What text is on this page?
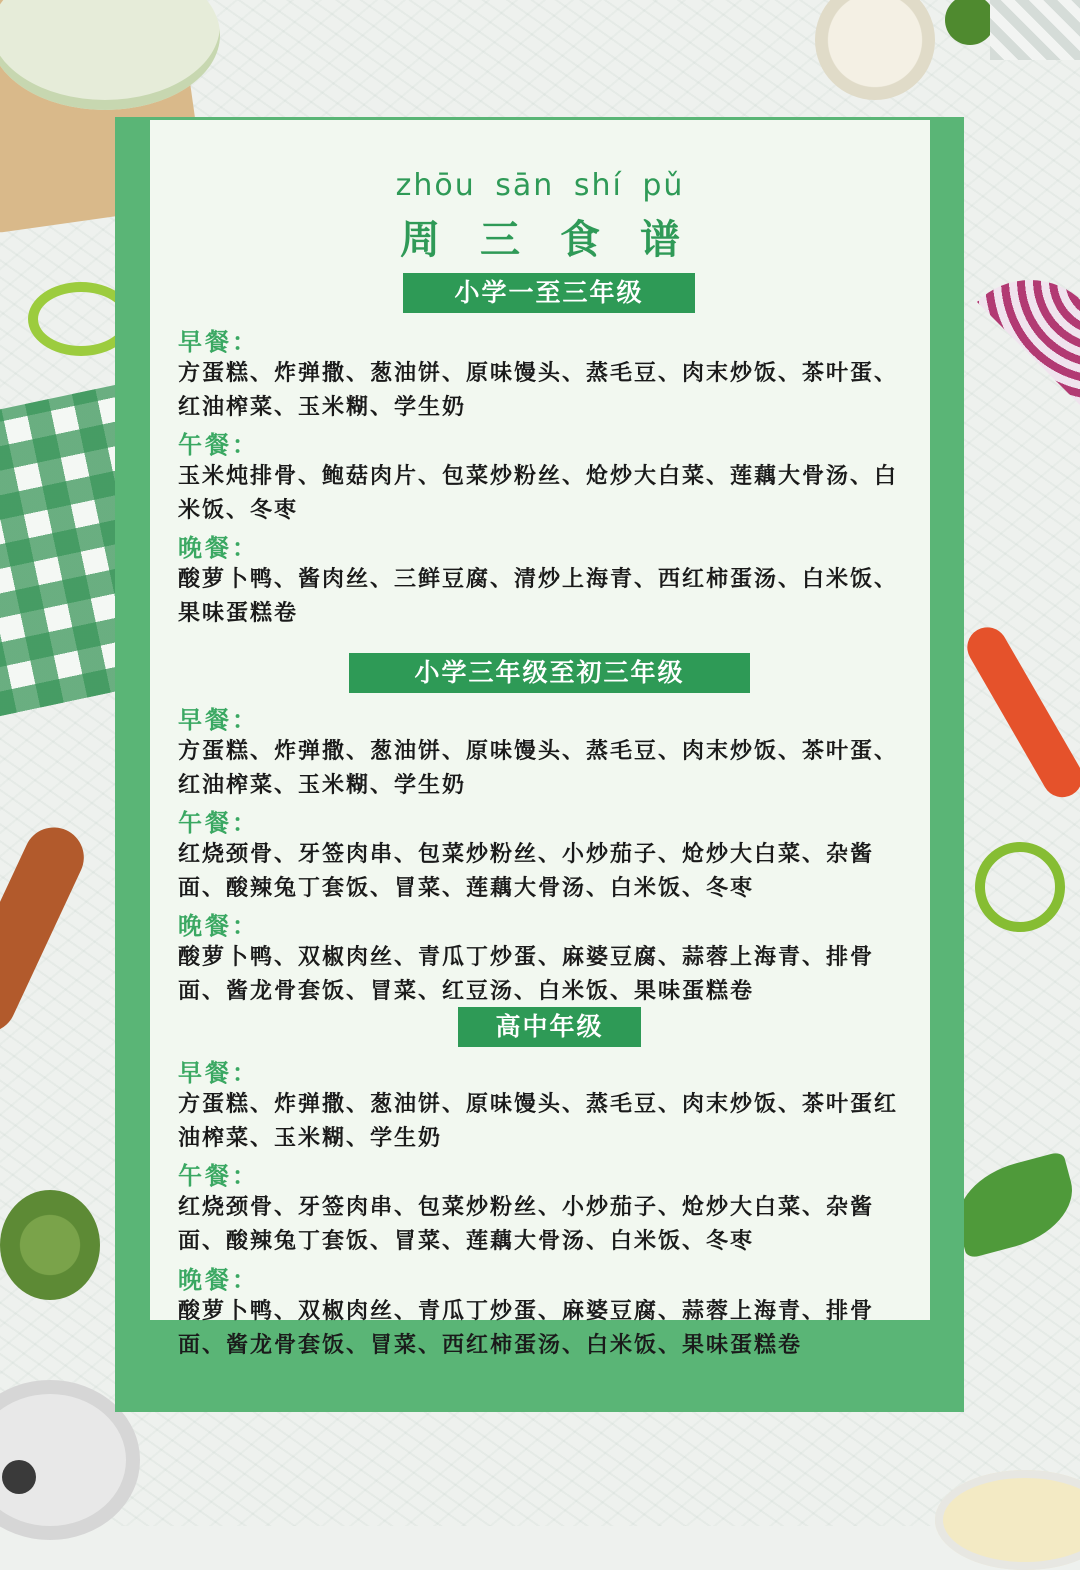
zhōu sān shí pǔ
周三食谱
小学一至三年级
早餐：
方蛋糕、炸弹撒、葱油饼、原味馒头、蒸毛豆、肉末炒饭、茶叶蛋、红油榨菜、玉米糊、学生奶
午餐：
玉米炖排骨、鲍菇肉片、包菜炒粉丝、炝炒大白菜、莲藕大骨汤、白米饭、冬枣
晚餐：
酸萝卜鸭、酱肉丝、三鲜豆腐、清炒上海青、西红柿蛋汤、白米饭、果味蛋糕卷
小学三年级至初三年级
早餐：
方蛋糕、炸弹撒、葱油饼、原味馒头、蒸毛豆、肉末炒饭、茶叶蛋、红油榨菜、玉米糊、学生奶
午餐：
红烧颈骨、牙签肉串、包菜炒粉丝、小炒茄子、炝炒大白菜、杂酱面、酸辣兔丁套饭、冒菜、莲藕大骨汤、白米饭、冬枣
晚餐：
酸萝卜鸭、双椒肉丝、青瓜丁炒蛋、麻婆豆腐、蒜蓉上海青、排骨面、酱龙骨套饭、冒菜、红豆汤、白米饭、果味蛋糕卷
高中年级
早餐：
方蛋糕、炸弹撒、葱油饼、原味馒头、蒸毛豆、肉末炒饭、茶叶蛋红油榨菜、玉米糊、学生奶
午餐：
红烧颈骨、牙签肉串、包菜炒粉丝、小炒茄子、炝炒大白菜、杂酱面、酸辣兔丁套饭、冒菜、莲藕大骨汤、白米饭、冬枣
晚餐：
酸萝卜鸭、双椒肉丝、青瓜丁炒蛋、麻婆豆腐、蒜蓉上海青、排骨面、酱龙骨套饭、冒菜、西红柿蛋汤、白米饭、果味蛋糕卷
